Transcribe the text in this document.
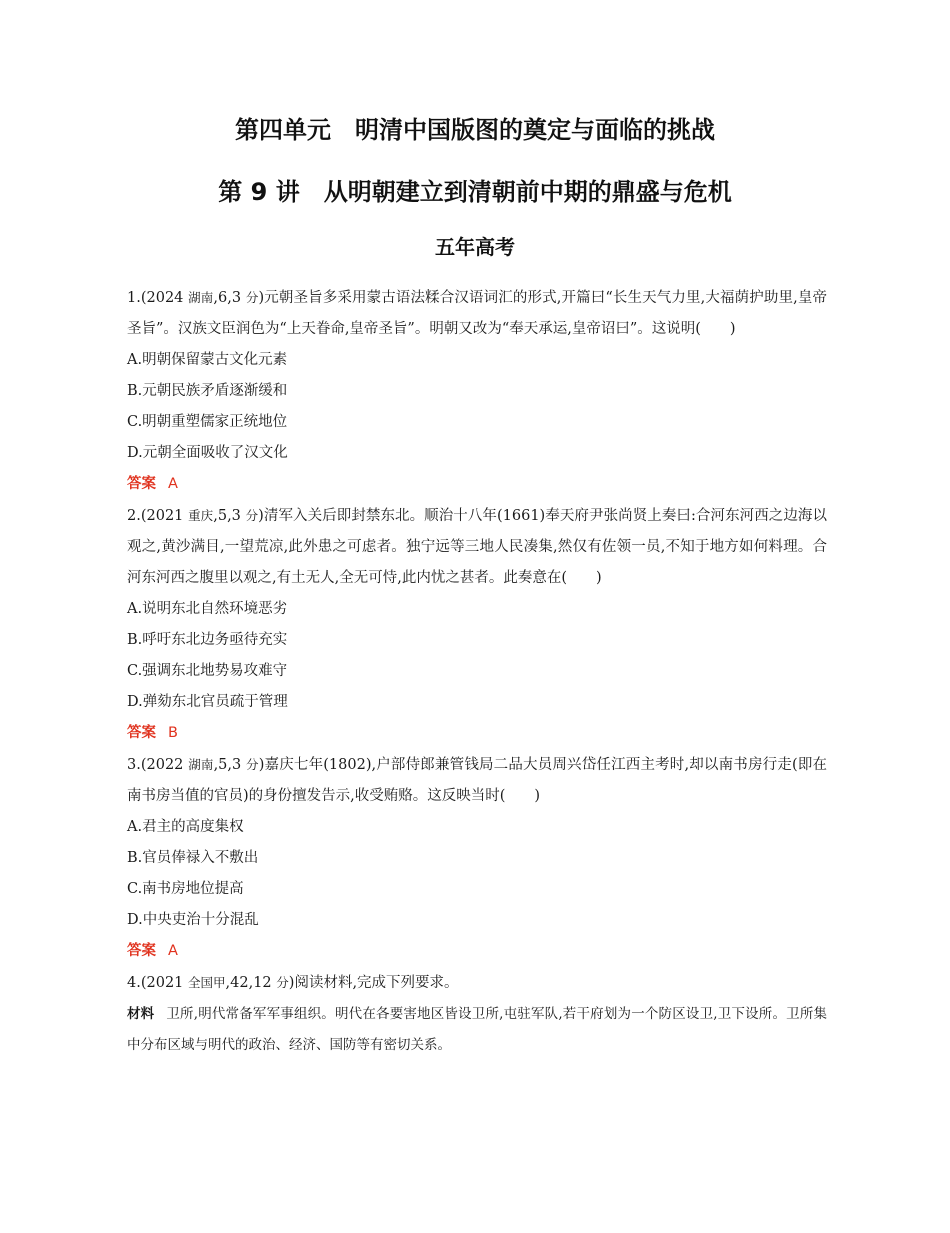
第四单元　明清中国版图的奠定与面临的挑战
第 9 讲　从明朝建立到清朝前中期的鼎盛与危机
五年高考
1.(2024 湖南,6,3 分)元朝圣旨多采用蒙古语法糅合汉语词汇的形式,开篇曰“长生天气力里,大福荫护助里,皇帝圣旨”。汉族文臣润色为“上天眷命,皇帝圣旨”。明朝又改为“奉天承运,皇帝诏曰”。这说明(　　)
A.明朝保留蒙古文化元素
B.元朝民族矛盾逐渐缓和
C.明朝重塑儒家正统地位
D.元朝全面吸收了汉文化
答案 A
2.(2021 重庆,5,3 分)清军入关后即封禁东北。顺治十八年(1661)奉天府尹张尚贤上奏曰:合河东河西之边海以观之,黄沙满目,一望荒凉,此外患之可虑者。独宁远等三地人民凑集,然仅有佐领一员,不知于地方如何料理。合河东河西之腹里以观之,有土无人,全无可恃,此内忧之甚者。此奏意在(　　)
A.说明东北自然环境恶劣
B.呼吁东北边务亟待充实
C.强调东北地势易攻难守
D.弹劾东北官员疏于管理
答案 B
3.(2022 湖南,5,3 分)嘉庆七年(1802),户部侍郎兼管钱局二品大员周兴岱任江西主考时,却以南书房行走(即在南书房当值的官员)的身份擅发告示,收受贿赂。这反映当时(　　)
A.君主的高度集权
B.官员俸禄入不敷出
C.南书房地位提高
D.中央吏治十分混乱
答案 A
4.(2021 全国甲,42,12 分)阅读材料,完成下列要求。
材料 卫所,明代常备军军事组织。明代在各要害地区皆设卫所,屯驻军队,若干府划为一个防区设卫,卫下设所。卫所集中分布区域与明代的政治、经济、国防等有密切关系。
